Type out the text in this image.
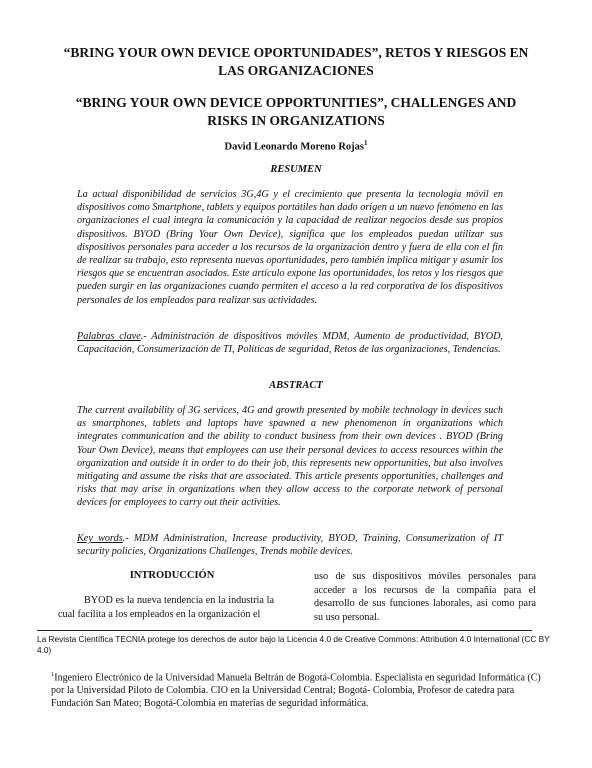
“BRING YOUR OWN DEVICE OPORTUNIDADES”, RETOS Y RIESGOS EN LAS ORGANIZACIONES
“BRING YOUR OWN DEVICE OPPORTUNITIES”, CHALLENGES AND RISKS IN ORGANIZATIONS
David Leonardo Moreno Rojas$^1$
RESUMEN

La actual disponibilidad de servicios 3G,4G y el crecimiento que presenta la tecnología móvil en dispositivos como Smartphone, tablets y equipos portátiles han dado origen a un nuevo fenómeno en las organizaciones el cual integra la comunicación y la capacidad de realizar negocios desde sus propios dispositivos. BYOD (Bring Your Own Device), significa que los empleados puedan utilizar sus dispositivos personales para acceder a los recursos de la organización dentro y fuera de ella con el fin de realizar su trabajo, esto representa nuevas oportunidades, pero también implica mitigar y asumir los riesgos que se encuentran asociados. Este artículo expone las oportunidades, los retos y los riesgos que pueden surgir en las organizaciones cuando permiten el acceso a la red corporativa de los dispositivos personales de los empleados para realizar sus actividades.

Palabras clave.- Administración de dispositivos móviles MDM, Aumento de productividad, BYOD, Capacitación, Consumerización de TI, Políticas de seguridad, Retos de las organizaciones, Tendencias.

ABSTRACT

The current availability of 3G services, 4G and growth presented by mobile technology in devices such as smartphones, tablets and laptops have spawned a new phenomenon in organizations which integrates communication and the ability to conduct business from their own devices . BYOD (Bring Your Own Device), means that employees can use their personal devices to access resources within the organization and outside it in order to do their job, this represents new opportunities, but also involves mitigating and assume the risks that are associated. This article presents opportunities, challenges and risks that may arise in organizations when they allow access to the corporate network of personal devices for employees to carry out their activities.

Key words.- MDM Administration, Increase productivity, BYOD, Training, Consumerization of IT security policies, Organizations Challenges, Trends mobile devices.

INTRODUCCIÓN

BYOD es la nueva tendencia en la industria la cual facilita a los empleados en la organización el

uso de sus dispositivos móviles personales para acceder a los recursos de la compañía para el desarrollo de sus funciones laborales, así como para su uso personal.

La Revista Científica TECNIA protege los derechos de autor bajo la Licencia 4.0 de Creative Commons: Attribution 4.0 International (CC BY 4.0)

$^1$Ingeniero Electrónico de la Universidad Manuela Beltrán de Bogotá-Colombia. Especialista en seguridad Informática (C) por la Universidad Piloto de Colombia. CIO en la Universidad Central; Bogotá- Colombia, Profesor de catedra para Fundación San Mateo; Bogotá-Colombia en materias de seguridad informática.
